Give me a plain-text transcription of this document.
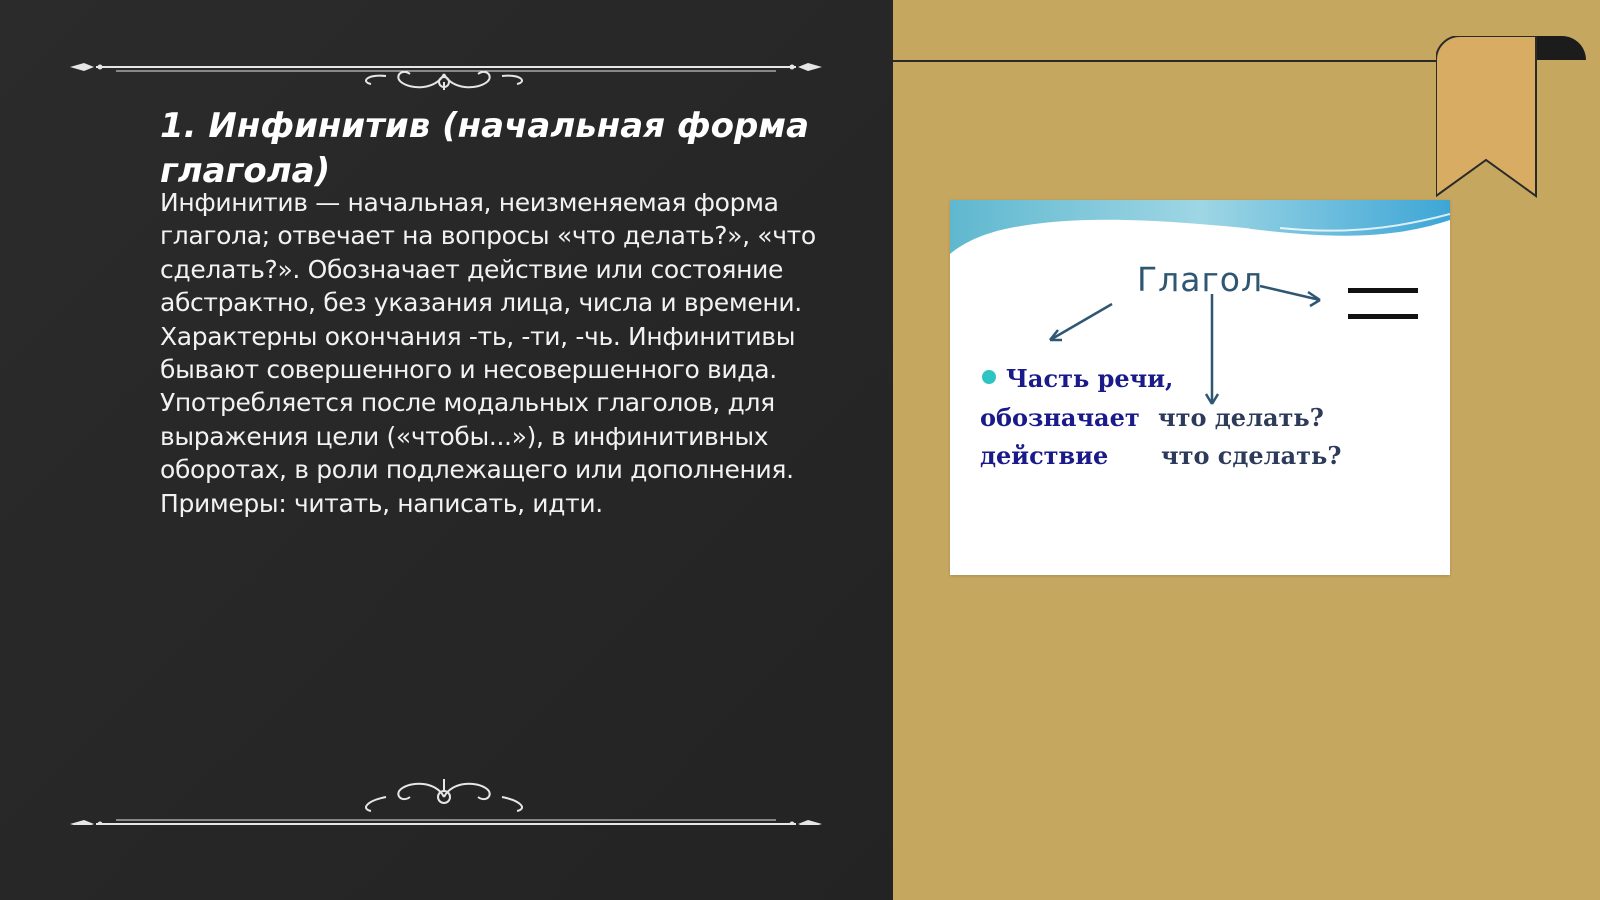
1. Инфинитив (начальная форма глагола)

Инфинитив — начальная, неизменяемая форма глагола; отвечает на вопросы «что делать?», «что сделать?». Обозначает действие или состояние абстрактно, без указания лица, числа и времени. Характерны окончания -ть, -ти, -чь. Инфинитивы бывают совершенного и несовершенного вида. Употребляется после модальных глаголов, для выражения цели («чтобы...»), в инфинитивных оборотах, в роли подлежащего или дополнения. Примеры: читать, написать, идти.

Глагол
Часть речи,
обозначает
действие
что делать?
что сделать?
